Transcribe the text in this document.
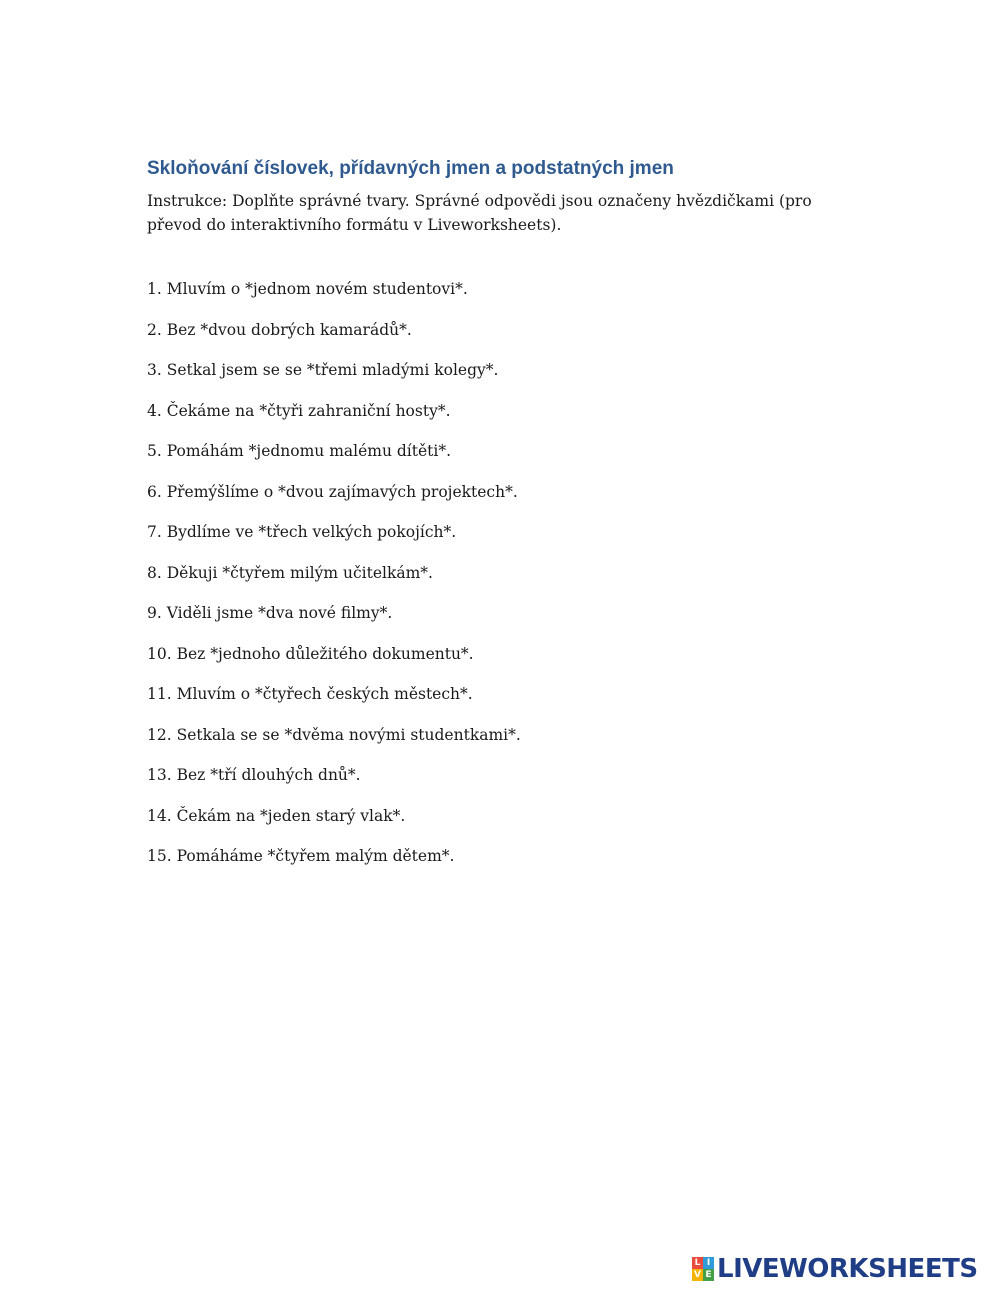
Skloňování číslovek, přídavných jmen a podstatných jmen

Instrukce: Doplňte správné tvary. Správné odpovědi jsou označeny hvězdičkami (pro převod do interaktivního formátu v Liveworksheets).

1. Mluvím o *jednom novém studentovi*.
2. Bez *dvou dobrých kamarádů*.
3. Setkal jsem se se *třemi mladými kolegy*.
4. Čekáme na *čtyři zahraniční hosty*.
5. Pomáhám *jednomu malému dítěti*.
6. Přemýšlíme o *dvou zajímavých projektech*.
7. Bydlíme ve *třech velkých pokojích*.
8. Děkuji *čtyřem milým učitelkám*.
9. Viděli jsme *dva nové filmy*.
10. Bez *jednoho důležitého dokumentu*.
11. Mluvím o *čtyřech českých městech*.
12. Setkala se se *dvěma novými studentkami*.
13. Bez *tří dlouhých dnů*.
14. Čekám na *jeden starý vlak*.
15. Pomáháme *čtyřem malým dětem*.
L I
V E LIVEWORKSHEETS
